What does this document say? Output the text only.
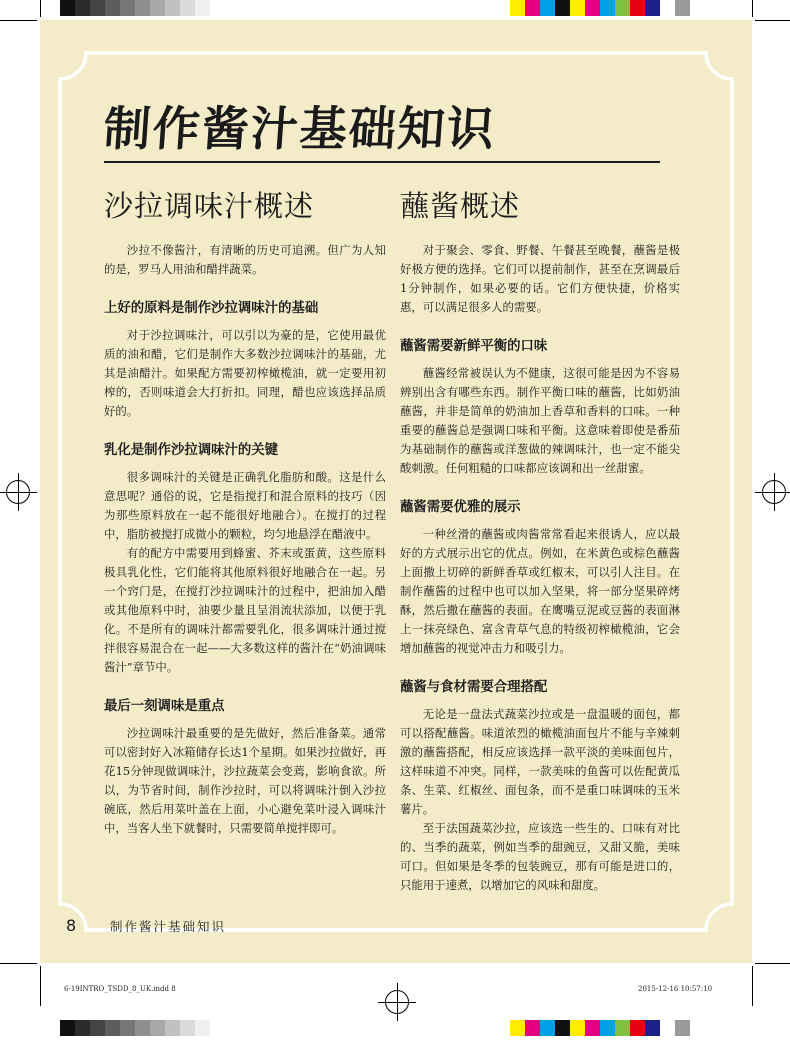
制作酱汁基础知识
沙拉调味汁概述

沙拉不像酱汁，有清晰的历史可追溯。但广为人知的是，罗马人用油和醋拌蔬菜。

上好的原料是制作沙拉调味汁的基础

对于沙拉调味汁，可以引以为豪的是，它使用最优质的油和醋，它们是制作大多数沙拉调味汁的基础，尤其是油醋汁。如果配方需要初榨橄榄油，就一定要用初榨的，否则味道会大打折扣。同理，醋也应该选择品质好的。

乳化是制作沙拉调味汁的关键

很多调味汁的关键是正确乳化脂肪和酸。这是什么意思呢？通俗的说，它是指搅打和混合原料的技巧（因为那些原料放在一起不能很好地融合）。在搅打的过程中，脂肪被搅打成微小的颗粒，均匀地悬浮在醋液中。

有的配方中需要用到蜂蜜、芥末或蛋黄，这些原料极具乳化性，它们能将其他原料很好地融合在一起。另一个窍门是，在搅打沙拉调味汁的过程中，把油加入醋或其他原料中时，油要少量且呈涓流状添加，以便于乳化。不是所有的调味汁都需要乳化，很多调味汁通过搅拌很容易混合在一起——大多数这样的酱汁在“奶油调味酱汁”章节中。

最后一刻调味是重点

沙拉调味汁最重要的是先做好，然后准备菜。通常可以密封好入冰箱储存长达1个星期。如果沙拉做好，再花15分钟现做调味汁，沙拉蔬菜会变蔫，影响食欲。所以，为节省时间，制作沙拉时，可以将调味汁倒入沙拉碗底，然后用菜叶盖在上面，小心避免菜叶浸入调味汁中，当客人坐下就餐时，只需要简单搅拌即可。

蘸酱概述

对于聚会、零食、野餐、午餐甚至晚餐，蘸酱是极好极方便的选择。它们可以提前制作，甚至在烹调最后1分钟制作，如果必要的话。它们方便快捷，价格实惠，可以满足很多人的需要。

蘸酱需要新鲜平衡的口味

蘸酱经常被误认为不健康，这很可能是因为不容易辨别出含有哪些东西。制作平衡口味的蘸酱，比如奶油蘸酱，并非是简单的奶油加上香草和香料的口味。一种重要的蘸酱总是强调口味和平衡。这意味着即使是番茄为基础制作的蘸酱或洋葱做的辣调味汁，也一定不能尖酸刺激。任何粗糙的口味都应该调和出一丝甜蜜。

蘸酱需要优雅的展示

一种丝滑的蘸酱或肉酱常常看起来很诱人，应以最好的方式展示出它的优点。例如，在米黄色或棕色蘸酱上面撒上切碎的新鲜香草或红椒末，可以引人注目。在制作蘸酱的过程中也可以加入坚果，将一部分坚果碎烤酥，然后撒在蘸酱的表面。在鹰嘴豆泥或豆酱的表面淋上一抹亮绿色、富含青草气息的特级初榨橄榄油，它会增加蘸酱的视觉冲击力和吸引力。

蘸酱与食材需要合理搭配

无论是一盘法式蔬菜沙拉或是一盘温暖的面包，都可以搭配蘸酱。味道浓烈的橄榄油面包片不能与辛辣刺激的蘸酱搭配，相反应该选择一款平淡的美味面包片，这样味道不冲突。同样，一款美味的鱼酱可以佐配黄瓜条、生菜、红椒丝、面包条，而不是重口味调味的玉米薯片。

至于法国蔬菜沙拉，应该选一些生的、口味有对比的、当季的蔬菜，例如当季的甜豌豆，又甜又脆，美味可口。但如果是冬季的包装豌豆，那有可能是进口的，只能用于速煮，以增加它的风味和甜度。

8	制作酱汁基础知识
6-19INTRO_TSDD_8_UK.indd 8	2015-12-16 10:57:10
